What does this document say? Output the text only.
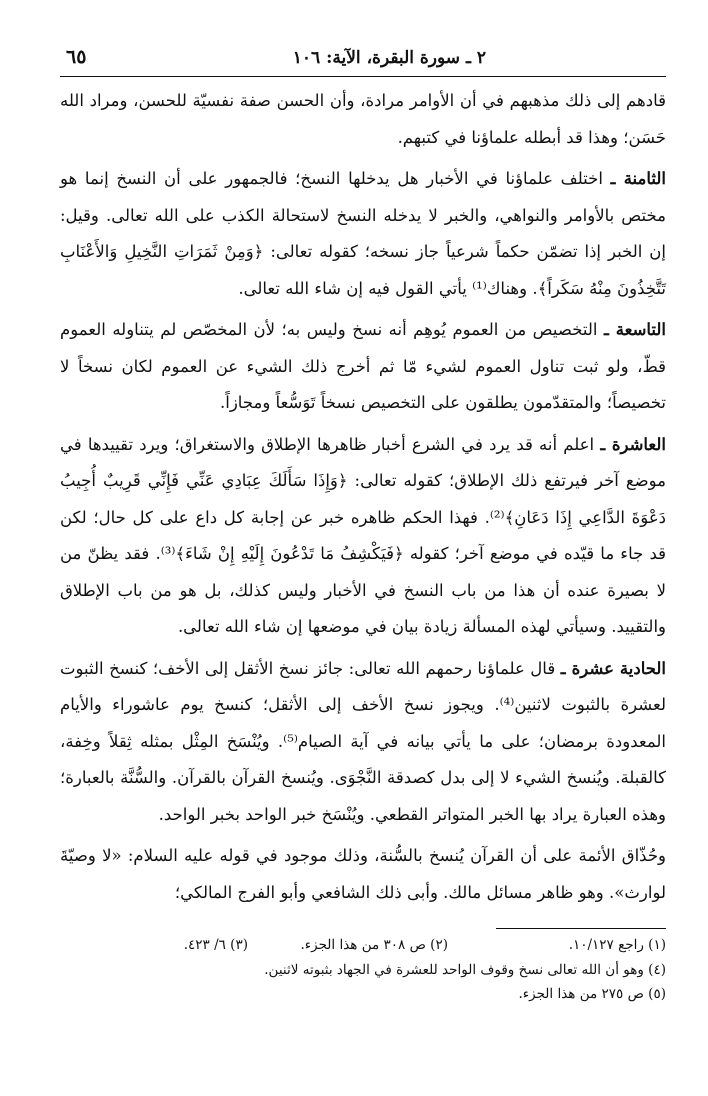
٢ ـ سورة البقرة، الآية: ١٠٦
٦٥

قادهم إلى ذلك مذهبهم في أن الأوامر مرادة، وأن الحسن صفة نفسيّة للحسن، ومراد الله حَسَن؛ وهذا قد أبطله علماؤنا في كتبهم.

الثامنة ـ اختلف علماؤنا في الأخبار هل يدخلها النسخ؛ فالجمهور على أن النسخ إنما هو مختص بالأوامر والنواهي، والخبر لا يدخله النسخ لاستحالة الكذب على الله تعالى. وقيل: إن الخبر إذا تضمّن حكماً شرعياً جاز نسخه؛ كقوله تعالى: ﴿وَمِنْ ثَمَرَاتِ النَّخِيلِ وَالأَعْنَابِ تَتَّخِذُونَ مِنْهُ سَكَراً﴾. وهناك⁽¹⁾ يأتي القول فيه إن شاء الله تعالى.

التاسعة ـ التخصيص من العموم يُوهِم أنه نسخ وليس به؛ لأن المخصّص لم يتناوله العموم قطّ، ولو ثبت تناول العموم لشيء مّا ثم أخرج ذلك الشيء عن العموم لكان نسخاً لا تخصيصاً؛ والمتقدّمون يطلقون على التخصيص نسخاً تَوَسُّعاً ومجازاً.

العاشرة ـ اعلم أنه قد يرد في الشرع أخبار ظاهرها الإطلاق والاستغراق؛ ويرد تقييدها في موضع آخر فيرتفع ذلك الإطلاق؛ كقوله تعالى: ﴿وَإِذَا سَأَلَكَ عِبَادِي عَنِّي فَإِنِّي قَرِيبٌ أُجِيبُ دَعْوَةَ الدَّاعِي إِذَا دَعَانِ﴾⁽²⁾. فهذا الحكم ظاهره خبر عن إجابة كل داع على كل حال؛ لكن قد جاء ما قيّده في موضع آخر؛ كقوله ﴿فَيَكْشِفُ مَا تَدْعُونَ إِلَيْهِ إِنْ شَاءَ﴾⁽³⁾. فقد يظنّ من لا بصيرة عنده أن هذا من باب النسخ في الأخبار وليس كذلك، بل هو من باب الإطلاق والتقييد. وسيأتي لهذه المسألة زيادة بيان في موضعها إن شاء الله تعالى.

الحادية عشرة ـ قال علماؤنا رحمهم الله تعالى: جائز نسخ الأثقل إلى الأخف؛ كنسخ الثبوت لعشرة بالثبوت لاثنين⁽⁴⁾. ويجوز نسخ الأخف إلى الأثقل؛ كنسخ يوم عاشوراء والأيام المعدودة برمضان؛ على ما يأتي بيانه في آية الصيام⁽⁵⁾. ويُنْسَخ المِثْل بمثله ثِقلاً وخِفة، كالقبلة. ويُنسخ الشيء لا إلى بدل كصدقة النَّجْوَى. ويُنسخ القرآن بالقرآن. والسُّنَّة بالعبارة؛ وهذه العبارة يراد بها الخبر المتواتر القطعي. ويُنْسَخ خبر الواحد بخبر الواحد.

وحُذّاق الأئمة على أن القرآن يُنسخ بالسُّنة، وذلك موجود في قوله عليه السلام: «لا وصيّةَ لوارث». وهو ظاهر مسائل مالك. وأبى ذلك الشافعي وأبو الفرج المالكي؛

(١) راجع ١٠/١٢٧.
(٢) ص ٣٠٨ من هذا الجزء.
(٣) ٦/ ٤٢٣.
(٤) وهو أن الله تعالى نسخ وقوف الواحد للعشرة في الجهاد بثبوته لاثنين.
(٥) ص ٢٧٥ من هذا الجزء.
